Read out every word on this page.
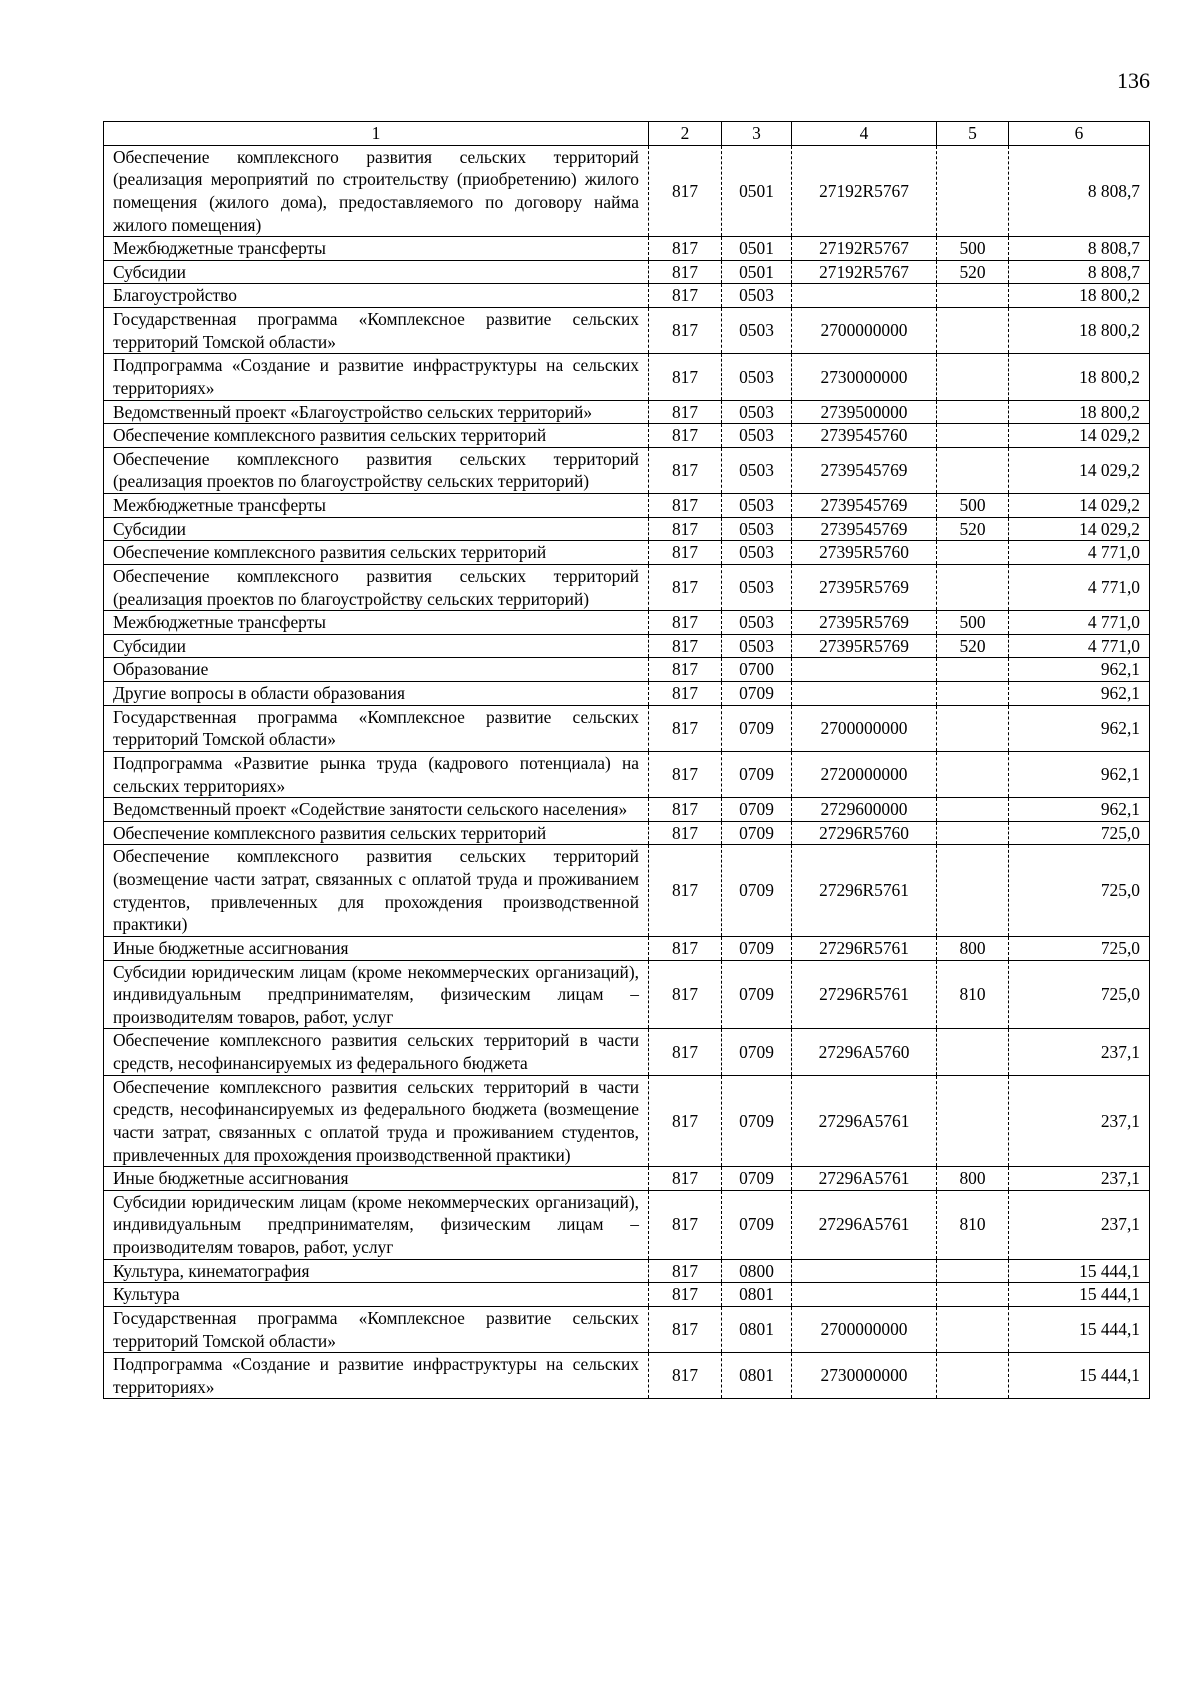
136
1	2	3	4	5	6
Обеспечение комплексного развития сельских территорий (реализация мероприятий по строительству (приобретению) жилого помещения (жилого дома), предоставляемого по договору найма жилого помещения)	817	0501	27192R5767		8 808,7
Межбюджетные трансферты	817	0501	27192R5767	500	8 808,7
Субсидии	817	0501	27192R5767	520	8 808,7
Благоустройство	817	0503			18 800,2
Государственная программа «Комплексное развитие сельских территорий Томской области»	817	0503	2700000000		18 800,2
Подпрограмма «Создание и развитие инфраструктуры на сельских территориях»	817	0503	2730000000		18 800,2
Ведомственный проект «Благоустройство сельских территорий»	817	0503	2739500000		18 800,2
Обеспечение комплексного развития сельских территорий	817	0503	2739545760		14 029,2
Обеспечение комплексного развития сельских территорий (реализация проектов по благоустройству сельских территорий)	817	0503	2739545769		14 029,2
Межбюджетные трансферты	817	0503	2739545769	500	14 029,2
Субсидии	817	0503	2739545769	520	14 029,2
Обеспечение комплексного развития сельских территорий	817	0503	27395R5760		4 771,0
Обеспечение комплексного развития сельских территорий (реализация проектов по благоустройству сельских территорий)	817	0503	27395R5769		4 771,0
Межбюджетные трансферты	817	0503	27395R5769	500	4 771,0
Субсидии	817	0503	27395R5769	520	4 771,0
Образование	817	0700			962,1
Другие вопросы в области образования	817	0709			962,1
Государственная программа «Комплексное развитие сельских территорий Томской области»	817	0709	2700000000		962,1
Подпрограмма «Развитие рынка труда (кадрового потенциала) на сельских территориях»	817	0709	2720000000		962,1
Ведомственный проект «Содействие занятости сельского населения»	817	0709	2729600000		962,1
Обеспечение комплексного развития сельских территорий	817	0709	27296R5760		725,0
Обеспечение комплексного развития сельских территорий (возмещение части затрат, связанных с оплатой труда и проживанием студентов, привлеченных для прохождения производственной практики)	817	0709	27296R5761		725,0
Иные бюджетные ассигнования	817	0709	27296R5761	800	725,0
Субсидии юридическим лицам (кроме некоммерческих организаций), индивидуальным предпринимателям, физическим лицам – производителям товаров, работ, услуг	817	0709	27296R5761	810	725,0
Обеспечение комплексного развития сельских территорий в части средств, несофинансируемых из федерального бюджета	817	0709	27296А5760		237,1
Обеспечение комплексного развития сельских территорий в части средств, несофинансируемых из федерального бюджета (возмещение части затрат, связанных с оплатой труда и проживанием студентов, привлеченных для прохождения производственной практики)	817	0709	27296А5761		237,1
Иные бюджетные ассигнования	817	0709	27296А5761	800	237,1
Субсидии юридическим лицам (кроме некоммерческих организаций), индивидуальным предпринимателям, физическим лицам – производителям товаров, работ, услуг	817	0709	27296А5761	810	237,1
Культура, кинематография	817	0800			15 444,1
Культура	817	0801			15 444,1
Государственная программа «Комплексное развитие сельских территорий Томской области»	817	0801	2700000000		15 444,1
Подпрограмма «Создание и развитие инфраструктуры на сельских территориях»	817	0801	2730000000		15 444,1
